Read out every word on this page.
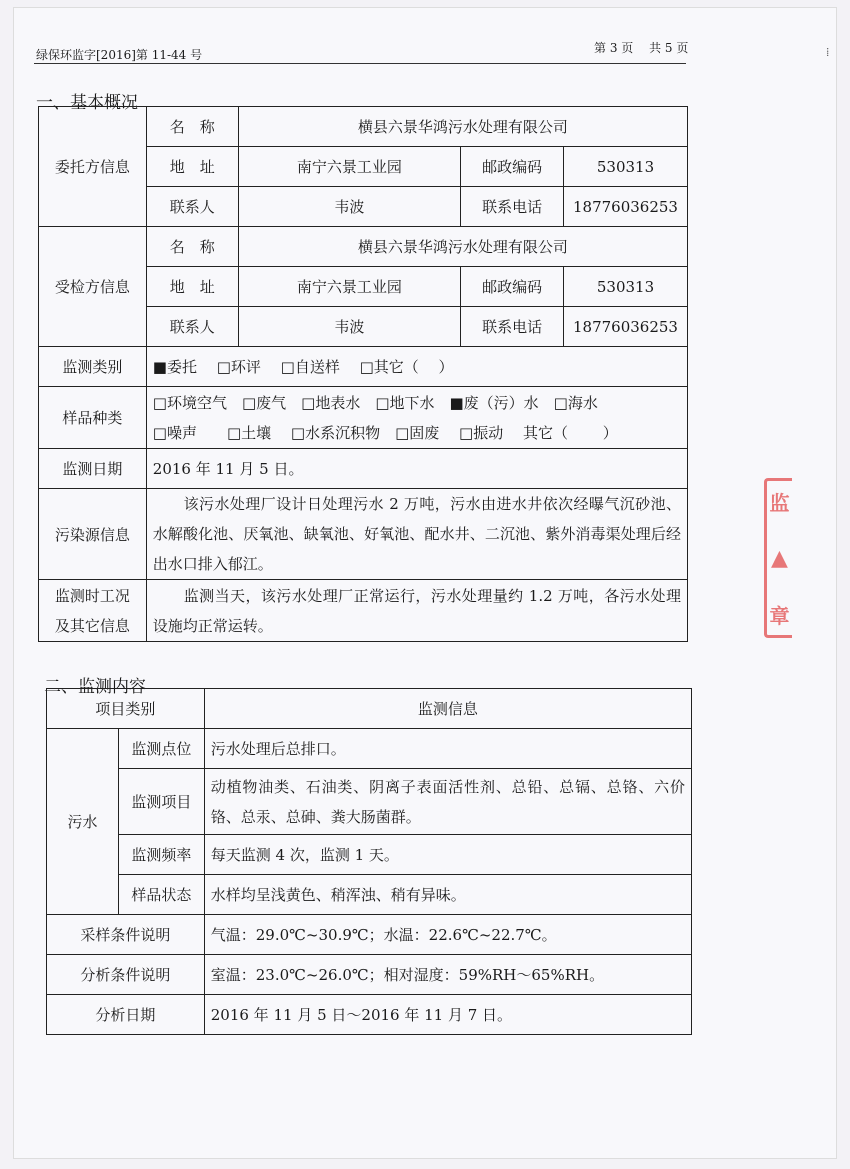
绿保环监字[2016]第 11-44 号	第 3 页　 共 5 页	⁞
一、基本概况
委托方信息	名　称	横县六景华鸿污水处理有限公司		
	地　址	南宁六景工业园	邮政编码	530313
	联系人	韦波	联系电话	18776036253
受检方信息	名　称	横县六景华鸿污水处理有限公司		
	地　址	南宁六景工业园	邮政编码	530313
	联系人	韦波	联系电话	18776036253
监测类别	■委托　 □环评　 □自送样　 □其它（　 ）			
样品种类	□环境空气　□废气　□地表水　□地下水　■废（污）水　□海水
□噪声　　□土壤　 □水系沉积物　□固废　 □振动　 其它（　　 ）			

监测日期	2016 年 11 月 5 日。			
污染源信息	　　该污水处理厂设计日处理污水 2 万吨，污水由进水井依次经曝气沉砂池、水解酸化池、厌氧池、缺氧池、好氧池、配水井、二沉池、紫外消毒渠处理后经出水口排入郁江。			

监测时工况
及其它信息	　　监测当天，该污水处理厂正常运行，污水处理量约 1.2 万吨，各污水处理设施均正常运转。			
二、监测内容
项目类别		监测信息
污水	监测点位	污水处理后总排口。
	监测项目	动植物油类、石油类、阴离子表面活性剂、总铅、总镉、总铬、六价铬、总汞、总砷、粪大肠菌群。
	监测频率	每天监测 4 次，监测 1 天。
	样品状态	水样均呈浅黄色、稍浑浊、稍有异味。
采样条件说明		气温：29.0℃~30.9℃；水温：22.6℃~22.7℃。
分析条件说明		室温：23.0℃~26.0℃；相对湿度：59%RH～65%RH。
分析日期		2016 年 11 月 5 日～2016 年 11 月 7 日。
监
▲
章
